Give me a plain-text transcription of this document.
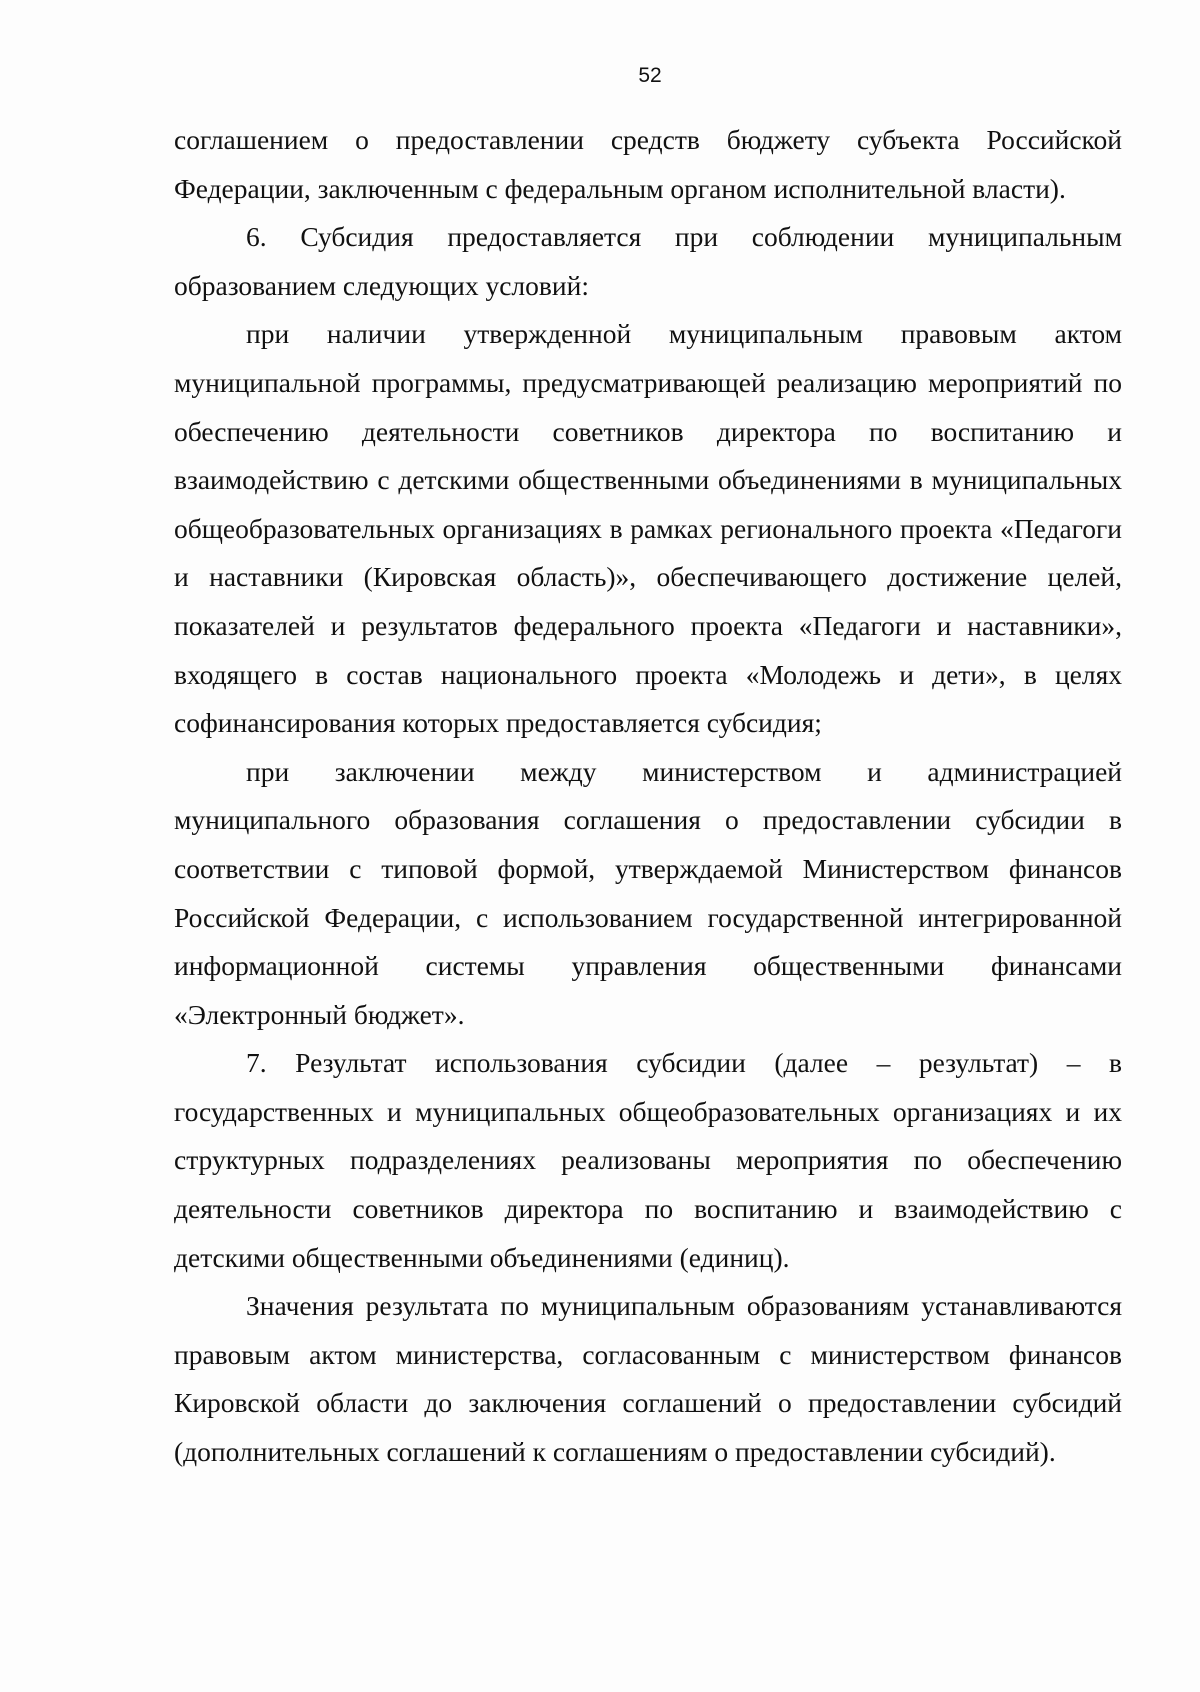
52

соглашением о предоставлении средств бюджету субъекта Российской Федерации, заключенным с федеральным органом исполнительной власти).

6. Субсидия предоставляется при соблюдении муниципальным образованием следующих условий:

при наличии утвержденной муниципальным правовым актом муниципальной программы, предусматривающей реализацию мероприятий по обеспечению деятельности советников директора по воспитанию и взаимодействию с детскими общественными объединениями в муниципальных общеобразовательных организациях в рамках регионального проекта «Педагоги и наставники (Кировская область)», обеспечивающего достижение целей, показателей и результатов федерального проекта «Педагоги и наставники», входящего в состав национального проекта «Молодежь и дети», в целях софинансирования которых предоставляется субсидия;

при заключении между министерством и администрацией муниципального образования соглашения о предоставлении субсидии в соответствии с типовой формой, утверждаемой Министерством финансов Российской Федерации, с использованием государственной интегрированной информационной системы управления общественными финансами «Электронный бюджет».

7. Результат использования субсидии (далее – результат) – в государственных и муниципальных общеобразовательных организациях и их структурных подразделениях реализованы мероприятия по обеспечению деятельности советников директора по воспитанию и взаимодействию с детскими общественными объединениями (единиц).

Значения результата по муниципальным образованиям устанавливаются правовым актом министерства, согласованным с министерством финансов Кировской области до заключения соглашений о предоставлении субсидий (дополнительных соглашений к соглашениям о предоставлении субсидий).
